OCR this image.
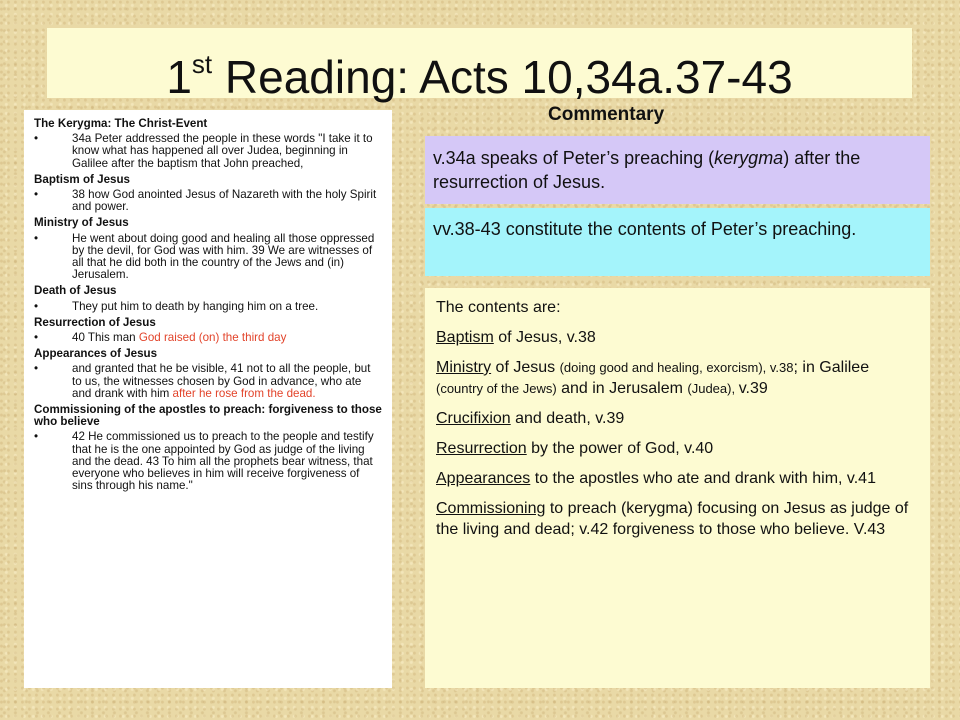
1st Reading: Acts 10,34a.37-43
The Kerygma: The Christ-Event
•	34a Peter addressed the people in these words "I take it to know what has happened all over Judea, beginning in Galilee after the baptism that John preached,
Baptism of Jesus
•	38 how God anointed Jesus of Nazareth with the holy Spirit and power.
Ministry of Jesus
•	He went about doing good and healing all those oppressed by the devil, for God was with him. 39 We are witnesses of all that he did both in the country of the Jews and (in) Jerusalem.
Death of Jesus
•	They put him to death by hanging him on a tree.
Resurrection of Jesus
•	40 This man God raised (on) the third day
Appearances of Jesus
•	and granted that he be visible, 41 not to all the people, but to us, the witnesses chosen by God in advance, who ate and drank with him after he rose from the dead.
Commissioning of the apostles to preach: forgiveness to those who believe
•	42 He commissioned us to preach to the people and testify that he is the one appointed by God as judge of the living and the dead. 43 To him all the prophets bear witness, that everyone who believes in him will receive forgiveness of sins through his name."
Commentary
v.34a speaks of Peter’s preaching (kerygma) after the resurrection of Jesus.
vv.38-43 constitute the contents of Peter’s preaching.
The contents are:
Baptism of Jesus, v.38
Ministry of Jesus (doing good and healing, exorcism), v.38; in Galilee (country of the Jews) and in Jerusalem (Judea), v.39
Crucifixion and death, v.39
Resurrection by the power of God, v.40
Appearances to the apostles who ate and drank with him, v.41
Commissioning to preach (kerygma) focusing on Jesus as judge of the living and dead; v.42 forgiveness to those who believe. V.43
